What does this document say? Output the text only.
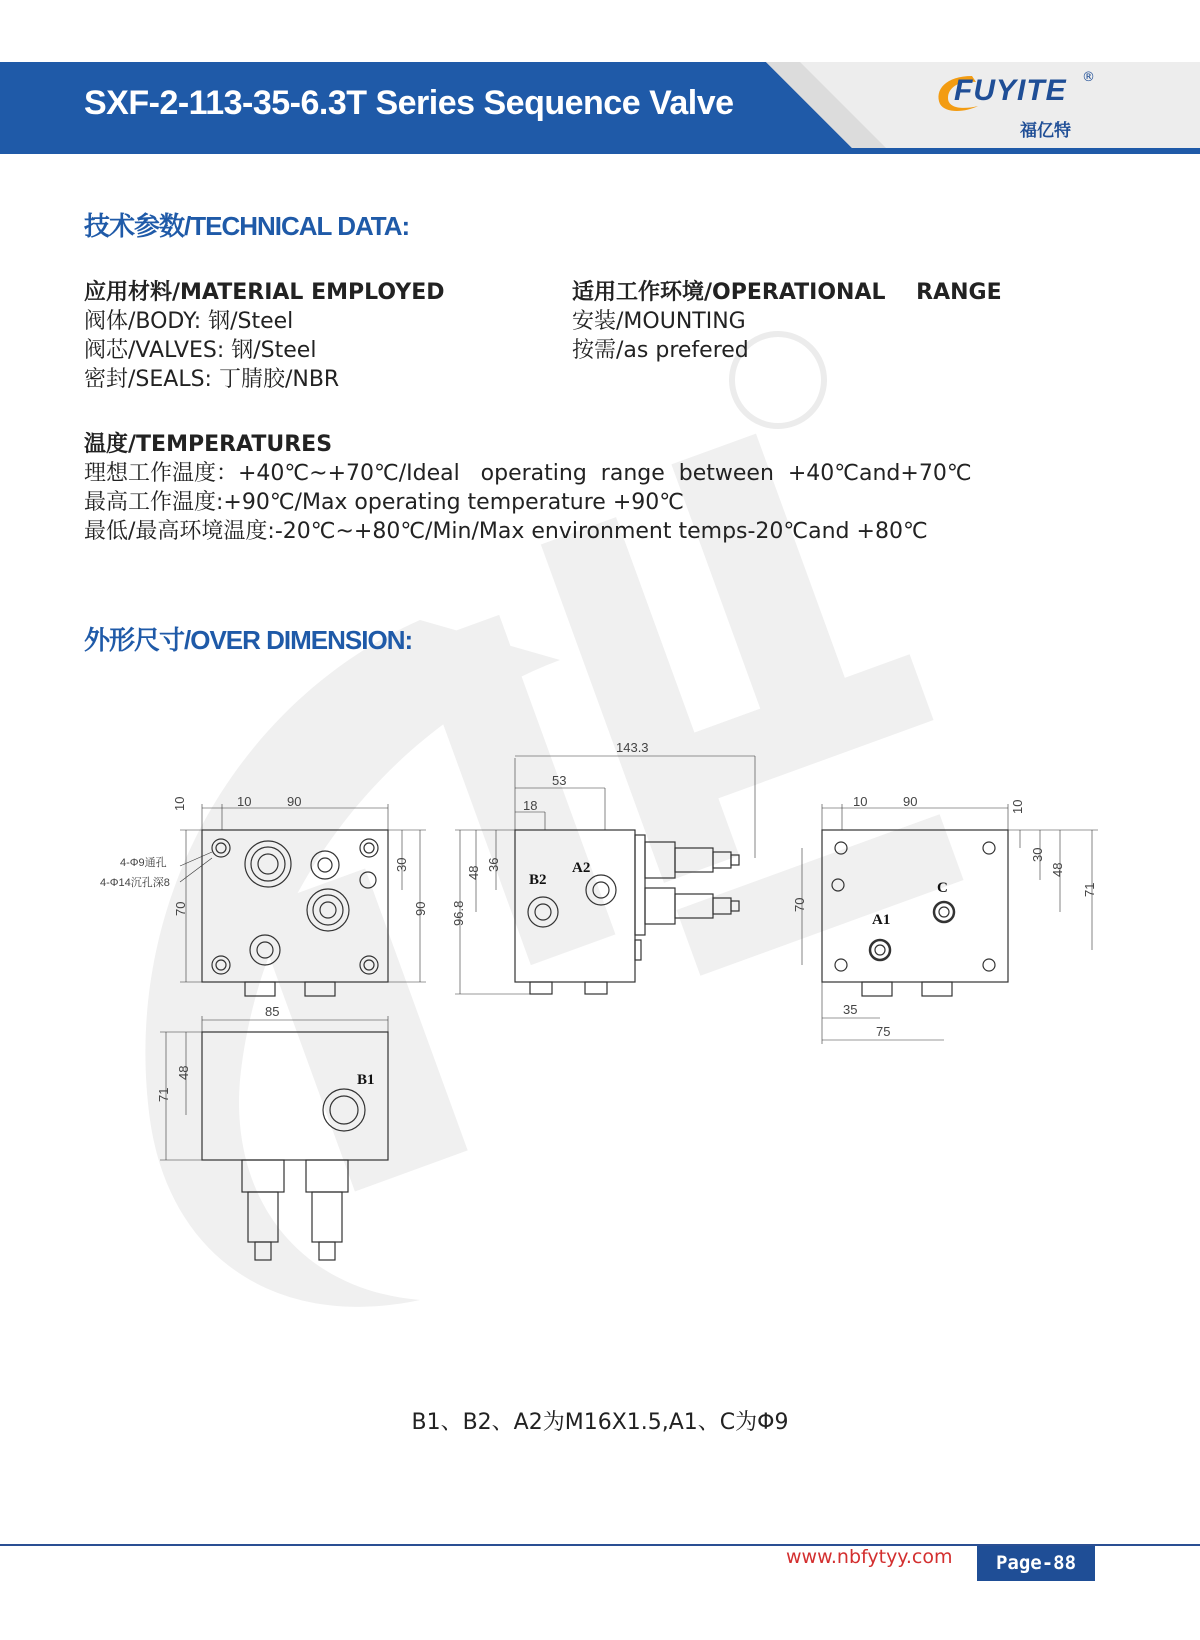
SXF-2-113-35-6.3T Series Sequence Valve	FUYITE ®
福亿特
技术参数/TECHNICAL DATA:
应用材料/MATERIAL EMPLOYED
阀体/BODY: 钢/Steel
阀芯/VALVES: 钢/Steel
密封/SEALS: 丁腈胶/NBR
适用工作环境/OPERATIONAL    RANGE
安装/MOUNTING
按需/as prefered
温度/TEMPERATURES
理想工作温度：+40℃~+70℃/Ideal   operating  range  between  +40℃and+70℃
最高工作温度:+90℃/Max operating temperature +90℃
最低/最高环境温度:-20℃~+80℃/Min/Max environment temps-20℃and +80℃
外形尺寸/OVER DIMENSION:
143.3
53
18
10	90
10
30
70	90
48
36
96.8
4-Φ9通孔
4-Φ14沉孔深8
10	90	10
30
48
71
70
35
75
85
71
48
B2
A2
C
A1
B1
B1、B2、A2为M16X1.5,A1、C为Φ9
www.nbfytyy.com	Page-88
